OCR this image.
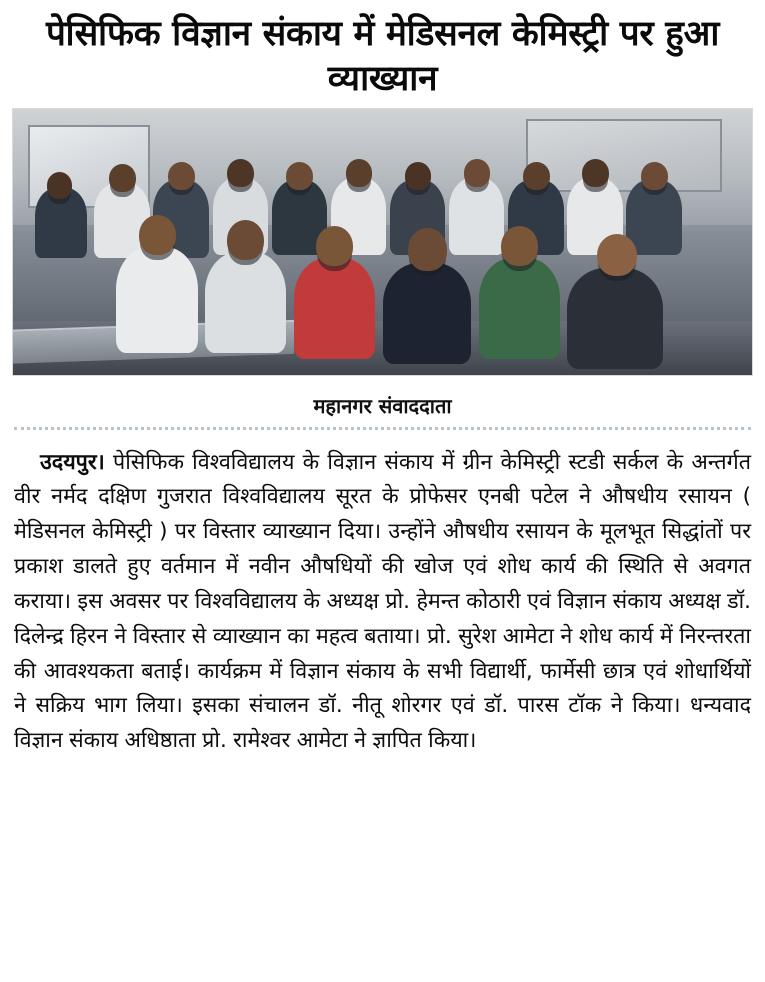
पेसिफिक विज्ञान संकाय में मेडिसनल केमिस्ट्री पर हुआ व्याख्यान
महानगर संवाददाता

उदयपुर। पेसिफिक विश्वविद्यालय के विज्ञान संकाय में ग्रीन केमिस्ट्री स्टडी सर्कल के अन्तर्गत वीर नर्मद दक्षिण गुजरात विश्वविद्यालय सूरत के प्रोफेसर एनबी पटेल ने औषधीय रसायन ( मेडिसनल केमिस्ट्री ) पर विस्तार व्याख्यान दिया। उन्होंने औषधीय रसायन के मूलभूत सिद्धांतों पर प्रकाश डालते हुए वर्तमान में नवीन औषधियों की खोज एवं शोध कार्य की स्थिति से अवगत कराया। इस अवसर पर विश्वविद्यालय के अध्यक्ष प्रो. हेमन्त कोठारी एवं विज्ञान संकाय अध्यक्ष डॉ. दिलेन्द्र हिरन ने विस्तार से व्याख्यान का महत्व बताया। प्रो. सुरेश आमेटा ने शोध कार्य में निरन्तरता की आवश्यकता बताई। कार्यक्रम में विज्ञान संकाय के सभी विद्यार्थी, फार्मेसी छात्र एवं शोधार्थियों ने सक्रिय भाग लिया। इसका संचालन डॉ. नीतू शोरगर एवं डॉ. पारस टॉक ने किया। धन्यवाद विज्ञान संकाय अधिष्ठाता प्रो. रामेश्वर आमेटा ने ज्ञापित किया।
